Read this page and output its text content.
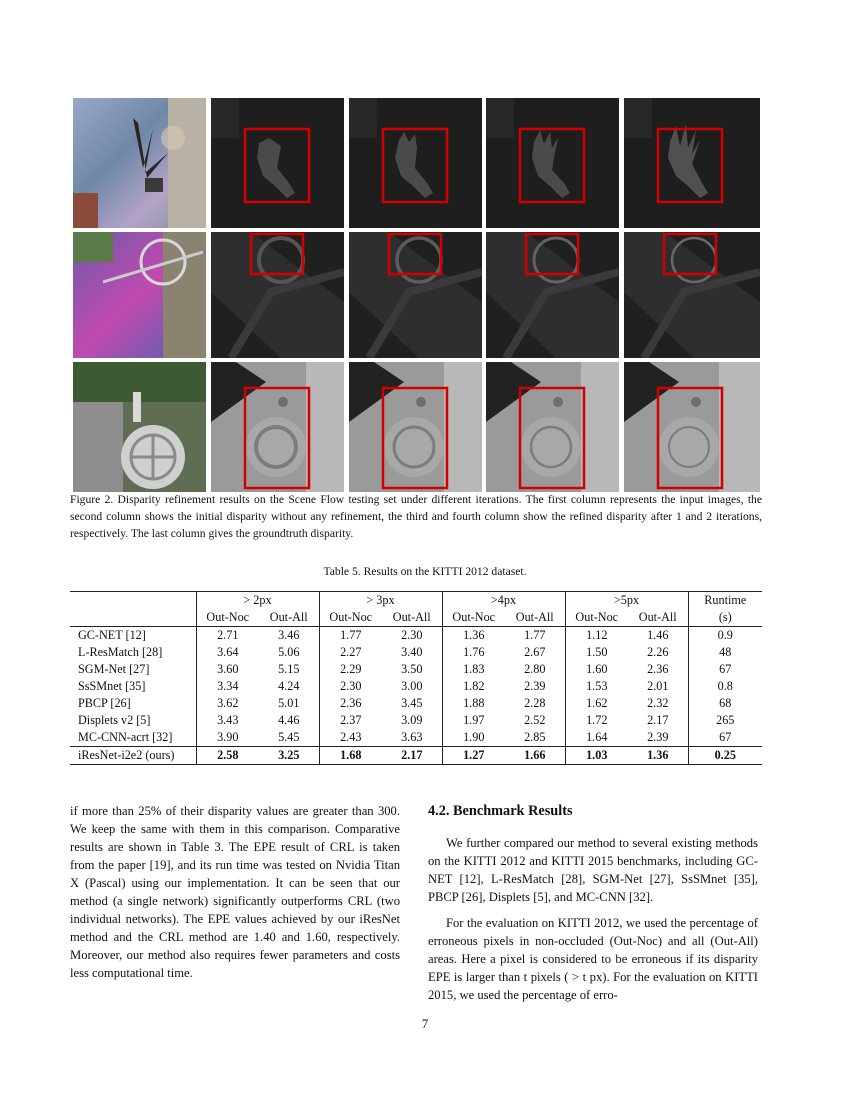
Figure 2. Disparity refinement results on the Scene Flow testing set under different iterations. The first column represents the input images, the second column shows the initial disparity without any refinement, the third and fourth column show the refined disparity after 1 and 2 iterations, respectively. The last column gives the groundtruth disparity.
Table 5. Results on the KITTI 2012 dataset.
	> 2px		> 3px		>4px		>5px		Runtime
	Out-Noc	Out-All	Out-Noc	Out-All	Out-Noc	Out-All	Out-Noc	Out-All	(s)
GC-NET [12]	2.71	3.46	1.77	2.30	1.36	1.77	1.12	1.46	0.9
L-ResMatch [28]	3.64	5.06	2.27	3.40	1.76	2.67	1.50	2.26	48
SGM-Net [27]	3.60	5.15	2.29	3.50	1.83	2.80	1.60	2.36	67
SsSMnet [35]	3.34	4.24	2.30	3.00	1.82	2.39	1.53	2.01	0.8
PBCP [26]	3.62	5.01	2.36	3.45	1.88	2.28	1.62	2.32	68
Displets v2 [5]	3.43	4.46	2.37	3.09	1.97	2.52	1.72	2.17	265
MC-CNN-acrt [32]	3.90	5.45	2.43	3.63	1.90	2.85	1.64	2.39	67
iResNet-i2e2 (ours)	2.58	3.25	1.68	2.17	1.27	1.66	1.03	1.36	0.25

if more than 25% of their disparity values are greater than 300. We keep the same with them in this comparison. Comparative results are shown in Table 3. The EPE result of CRL is taken from the paper [19], and its run time was tested on Nvidia Titan X (Pascal) using our implementation. It can be seen that our method (a single network) significantly outperforms CRL (two individual networks). The EPE values achieved by our iResNet method and the CRL method are 1.40 and 1.60, respectively. Moreover, our method also requires fewer parameters and costs less computational time.

4.2. Benchmark Results

We further compared our method to several existing methods on the KITTI 2012 and KITTI 2015 benchmarks, including GC-NET [12], L-ResMatch [28], SGM-Net [27], SsSMnet [35], PBCP [26], Displets [5], and MC-CNN [32].

For the evaluation on KITTI 2012, we used the percentage of erroneous pixels in non-occluded (Out-Noc) and all (Out-All) areas. Here a pixel is considered to be erroneous if its disparity EPE is larger than t pixels ( > t px). For the evaluation on KITTI 2015, we used the percentage of erro-

7
